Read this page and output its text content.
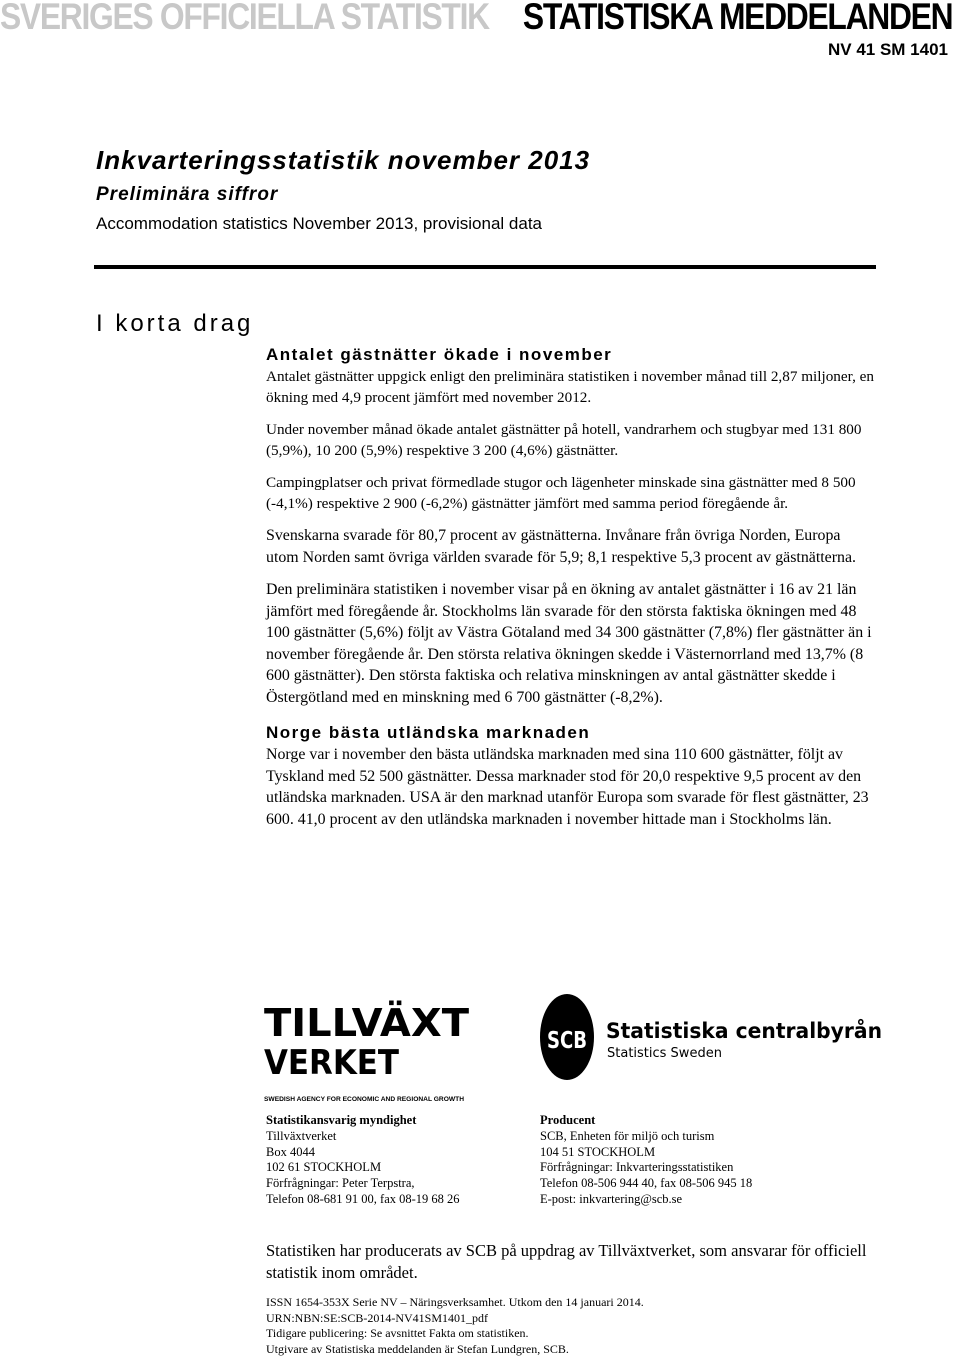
SVERIGES OFFICIELLA STATISTIK STATISTISKA MEDDELANDEN
NV 41 SM 1401
Inkvarteringsstatistik november 2013
Preliminära siffror
Accommodation statistics November 2013, provisional data
I korta drag
Antalet gästnätter ökade i november

Antalet gästnätter uppgick enligt den preliminära statistiken i november månad till 2,87 miljoner, en ökning med 4,9 procent jämfört med november 2012.

Under november månad ökade antalet gästnätter på hotell, vandrarhem och stugbyar med 131 800 (5,9%), 10 200 (5,9%) respektive 3 200 (4,6%) gästnätter.

Campingplatser och privat förmedlade stugor och lägenheter minskade sina gästnätter med 8 500 (-4,1%) respektive 2 900 (-6,2%) gästnätter jämfört med samma period föregående år.

Svenskarna svarade för 80,7 procent av gästnätterna. Invånare från övriga Norden, Europa utom Norden samt övriga världen svarade för 5,9; 8,1 respektive 5,3 procent av gästnätterna.

Den preliminära statistiken i november visar på en ökning av antalet gästnätter i 16 av 21 län jämfört med föregående år. Stockholms län svarade för den största faktiska ökningen med 48 100 gästnätter (5,6%) följt av Västra Götaland med 34 300 gästnätter (7,8%) fler gästnätter än i november föregående år. Den största relativa ökningen skedde i Västernorrland med 13,7% (8 600 gästnätter). Den största faktiska och relativa minskningen av antal gästnätter skedde i Östergötland med en minskning med 6 700 gästnätter (-8,2%).

Norge bästa utländska marknaden

Norge var i november den bästa utländska marknaden med sina 110 600 gästnätter, följt av Tyskland med 52 500 gästnätter. Dessa marknader stod för 20,0 respektive 9,5 procent av den utländska marknaden. USA är den marknad utanför Europa som svarade för flest gästnätter, 23 600. 41,0 procent av den utländska marknaden i november hittade man i Stockholms län.

TILLVÄXT
VERKET
SWEDISH AGENCY FOR ECONOMIC AND REGIONAL GROWTH
SCB Statistiska centralbyrån
Statistics Sweden
Statistikansvarig myndighet
Tillväxtverket
Box 4044
102 61 STOCKHOLM
Förfrågningar: Peter Terpstra,
Telefon 08-681 91 00, fax 08-19 68 26
Producent
SCB, Enheten för miljö och turism
104 51 STOCKHOLM
Förfrågningar: Inkvarteringsstatistiken
Telefon 08-506 944 40, fax 08-506 945 18
E-post: inkvartering@scb.se

Statistiken har producerats av SCB på uppdrag av Tillväxtverket, som ansvarar för officiell statistik inom området.

ISSN 1654-353X Serie NV – Näringsverksamhet. Utkom den 14 januari 2014.
URN:NBN:SE:SCB-2014-NV41SM1401_pdf
Tidigare publicering: Se avsnittet Fakta om statistiken.
Utgivare av Statistiska meddelanden är Stefan Lundgren, SCB.
